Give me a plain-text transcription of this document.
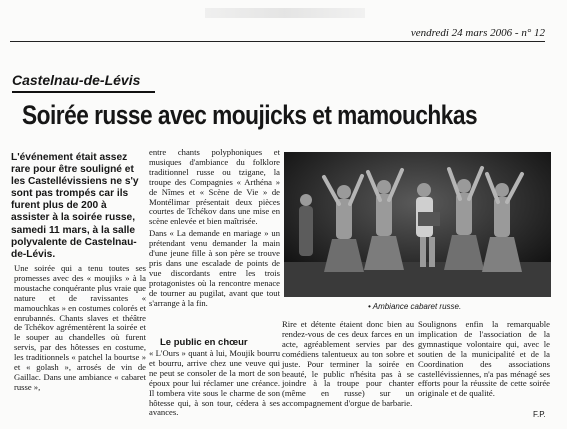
vendredi 24 mars 2006 - n° 12
Castelnau-de-Lévis
Soirée russe avec moujicks et mamouchkas
L'événement était assez rare pour être souligné et les Castellévissiens ne s'y sont pas trompés car ils furent plus de 200 à assister à la soirée russe, samedi 11 mars, à la salle polyvalente de Castelnau-de-Lévis.

Une soirée qui a tenu toutes ses promesses avec des « moujiks » à la moustache conquérante plus vraie que nature et de ravissantes « mamouchkas » en costumes colorés et enrubannés. Chants slaves et théâtre de Tchékov agrémentèrent la soirée et le souper au chandelles où furent servis, par des hôtesses en costume, les traditionnels « patchel la bourtse » et « golash », arrosés de vin de Gaillac. Dans une ambiance « cabaret russe »,

entre chants polyphoniques et musiques d'ambiance du folklore traditionnel russe ou tzigane, la troupe des Compagnies « Arthéna » de Nîmes et « Scène de Vie » de Montélimar présentait deux pièces courtes de Tchékov dans une mise en scène enlevée et bien maîtrisée.

Dans « La demande en mariage » un prétendant venu demander la main d'une jeune fille à son père se trouve pris dans une escalade de points de vue discordants entre les trois protagonistes où la rencontre menace de tourner au pugilat, avant que tout s'arrange à la fin.

Le public en chœur

« L'Ours » quant à lui, Moujik bourru et bourru, arrive chez une veuve qui ne peut se consoler de la mort de son époux pour lui réclamer une créance. Il tombera vite sous le charme de son hôtesse qui, à son tour, cédera à ses avances.

• Ambiance cabaret russe.

Rire et détente étaient donc bien au rendez-vous de ces deux farces en un acte, agréablement servies par des comédiens talentueux au ton sobre et juste. Pour terminer la soirée en beauté, le public n'hésita pas à se joindre à la troupe pour chanter (même en russe) sur un accompagnement d'orgue de barbarie.

Soulignons enfin la remarquable implication de l'association de la gymnastique volontaire qui, avec le soutien de la municipalité et de la Coordination des associations castellévissiennes, n'a pas ménagé ses efforts pour la réussite de cette soirée originale et de qualité.

F.P.
